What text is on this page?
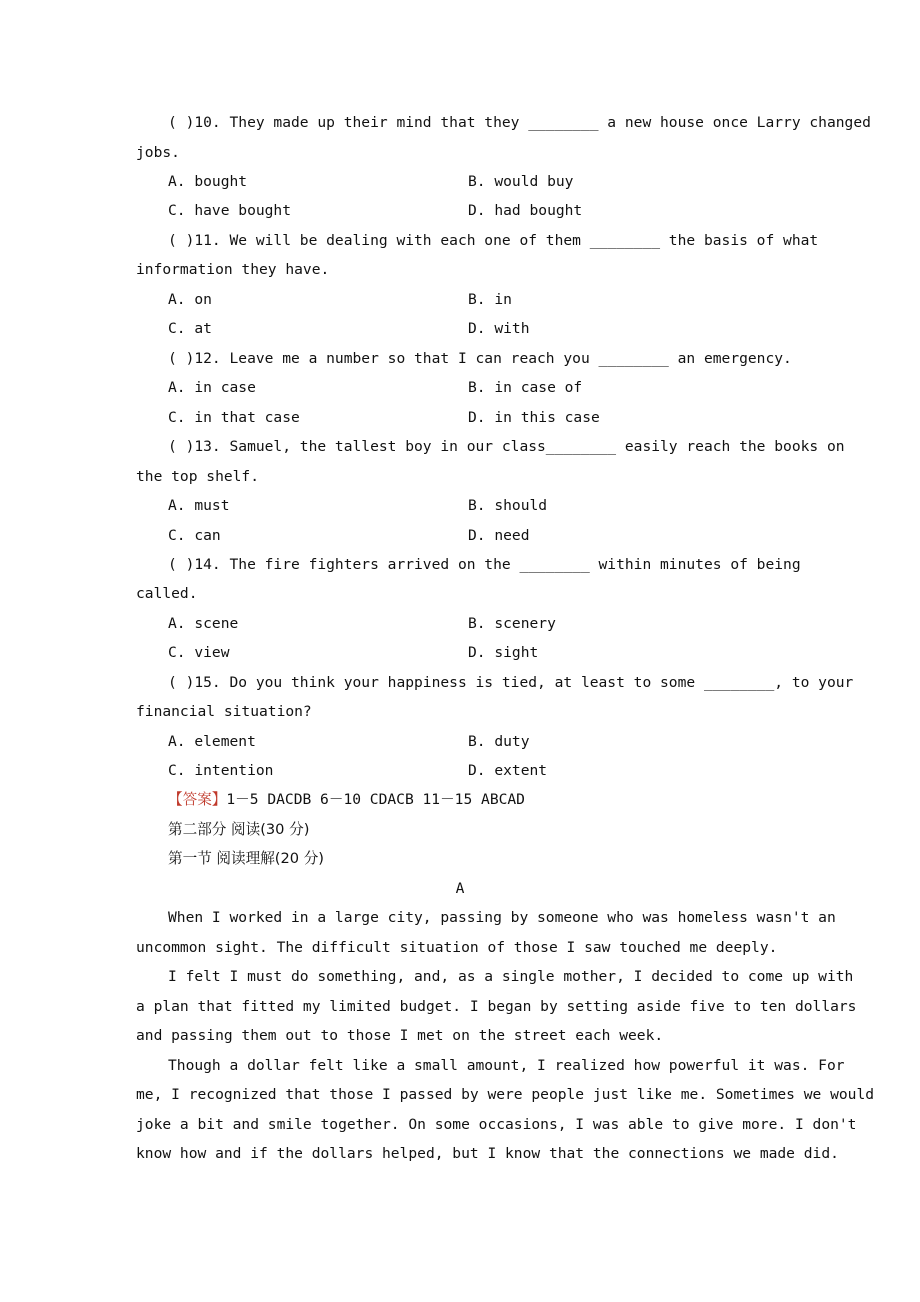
( )10. They made up their mind that they ________ a new house once Larry changed
jobs.
A. bought	B. would buy
C. have bought	D. had bought
( )11. We will be dealing with each one of them ________ the basis of what
information they have.
A. on	B. in
C. at	D. with
( )12. Leave me a number so that I can reach you ________ an emergency.
A. in case	B. in case of
C. in that case	D. in this case
( )13. Samuel, the tallest boy in our class________ easily reach the books on
the top shelf.
A. must	B. should
C. can	D. need
( )14. The fire fighters arrived on the ________ within minutes of being
called.
A. scene	B. scenery
C. view	D. sight
( )15. Do you think your happiness is tied, at least to some ________, to your
financial situation?
A. element	B. duty
C. intention	D. extent
【答案】1－5 DACDB 6－10 CDACB 11－15 ABCAD
第二部分 阅读(30 分)
第一节 阅读理解(20 分)
A
When I worked in a large city, passing by someone who was homeless wasn't an
uncommon sight. The difficult situation of those I saw touched me deeply.
I felt I must do something, and, as a single mother, I decided to come up with
a plan that fitted my limited budget. I began by setting aside five to ten dollars
and passing them out to those I met on the street each week.
Though a dollar felt like a small amount, I realized how powerful it was. For
me, I recognized that those I passed by were people just like me. Sometimes we would
joke a bit and smile together. On some occasions, I was able to give more. I don't
know how and if the dollars helped, but I know that the connections we made did.
